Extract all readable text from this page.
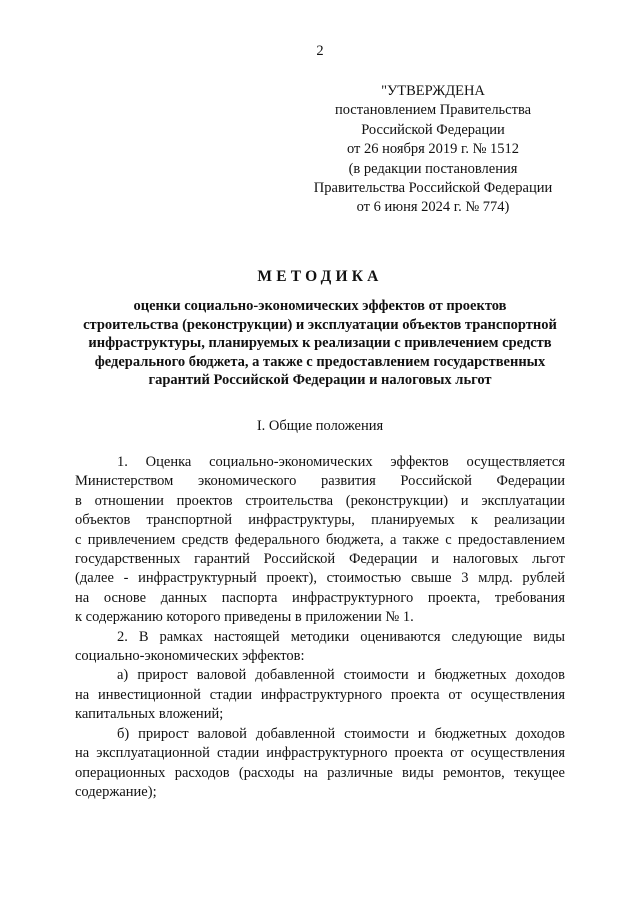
2
"УТВЕРЖДЕНА
постановлением Правительства
Российской Федерации
от 26 ноября 2019 г. № 1512
(в редакции постановления
Правительства Российской Федерации
от 6 июня 2024 г. № 774)
МЕТОДИКА
оценки социально-экономических эффектов от проектов
строительства (реконструкции) и эксплуатации объектов транспортной
инфраструктуры, планируемых к реализации с привлечением средств
федерального бюджета, а также с предоставлением государственных
гарантий Российской Федерации и налоговых льгот
I. Общие положения
1. Оценка социально-экономических эффектов осуществляется
Министерством экономического развития Российской Федерации
в отношении проектов строительства (реконструкции) и эксплуатации
объектов транспортной инфраструктуры, планируемых к реализации
с привлечением средств федерального бюджета, а также с предоставлением
государственных гарантий Российской Федерации и налоговых льгот
(далее - инфраструктурный проект), стоимостью свыше 3 млрд. рублей
на основе данных паспорта инфраструктурного проекта, требования
к содержанию которого приведены в приложении № 1.
2. В рамках настоящей методики оцениваются следующие виды
социально-экономических эффектов:
а) прирост валовой добавленной стоимости и бюджетных доходов
на инвестиционной стадии инфраструктурного проекта от осуществления
капитальных вложений;
б) прирост валовой добавленной стоимости и бюджетных доходов
на эксплуатационной стадии инфраструктурного проекта от осуществления
операционных расходов (расходы на различные виды ремонтов, текущее
содержание);
